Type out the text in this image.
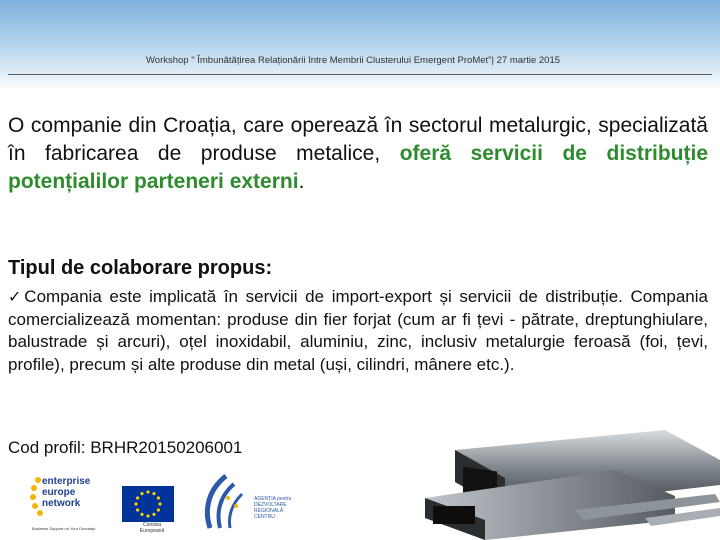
Workshop " Îmbunătățirea Relaționării între Membrii Clusterului Emergent ProMet"| 27 martie 2015
O companie din Croația, care operează în sectorul metalurgic, specializată în fabricarea de produse metalice, oferă servicii de distribuție potențialilor parteneri externi.
Tipul de colaborare propus:
✓Compania este implicată în servicii de import-export și servicii de distribuție. Compania comercializează momentan: produse din fier forjat (cum ar fi țevi - pătrate, dreptunghiulare, balustrade și arcuri), oțel inoxidabil, aluminiu, zinc, inclusiv metalurgie feroasă (foi, țevi, profile), precum și alte produse din metal (uși, cilindri, mânere etc.).
Cod profil: BRHR20150206001
enterprise
europe
network
Business Support on Your Doorstep
Comisia
Europeană
AGENȚIA pentru
DEZVOLTARE
REGIONALĂ
CENTRU
